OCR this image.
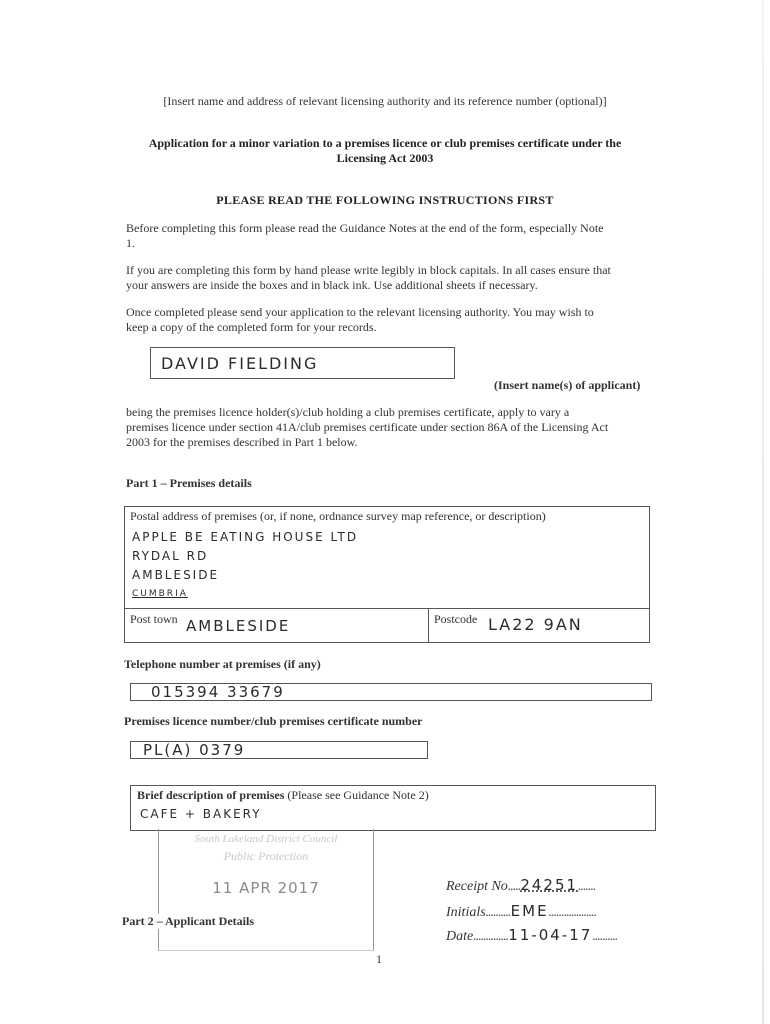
[Insert name and address of relevant licensing authority and its reference number (optional)]
Application for a minor variation to a premises licence or club premises certificate under the
Licensing Act 2003
PLEASE READ THE FOLLOWING INSTRUCTIONS FIRST
Before completing this form please read the Guidance Notes at the end of the form, especially Note
1.
If you are completing this form by hand please write legibly in block capitals. In all cases ensure that
your answers are inside the boxes and in black ink. Use additional sheets if necessary.
Once completed please send your application to the relevant licensing authority. You may wish to
keep a copy of the completed form for your records.
DAVID FIELDING
(Insert name(s) of applicant)
being the premises licence holder(s)/club holding a club premises certificate, apply to vary a
premises licence under section 41A/club premises certificate under section 86A of the Licensing Act
2003 for the premises described in Part 1 below.
Part 1 – Premises details
Postal address of premises (or, if none, ordnance survey map reference, or description)
APPLE BE EATING HOUSE LTD
RYDAL RD
AMBLESIDE
CUMBRIA
Post town AMBLESIDE	Postcode LA22 9AN
Telephone number at premises (if any)
015394 33679
Premises licence number/club premises certificate number
PL(A) 0379
Brief description of premises (Please see Guidance Note 2)
CAFE + BAKERY
South Lakeland District Council
Public Protection
11 APR 2017	Receipt No.....24251.......
Initials..........EME...................
Date..............11-04-17..........
Part 2 – Applicant Details
1
